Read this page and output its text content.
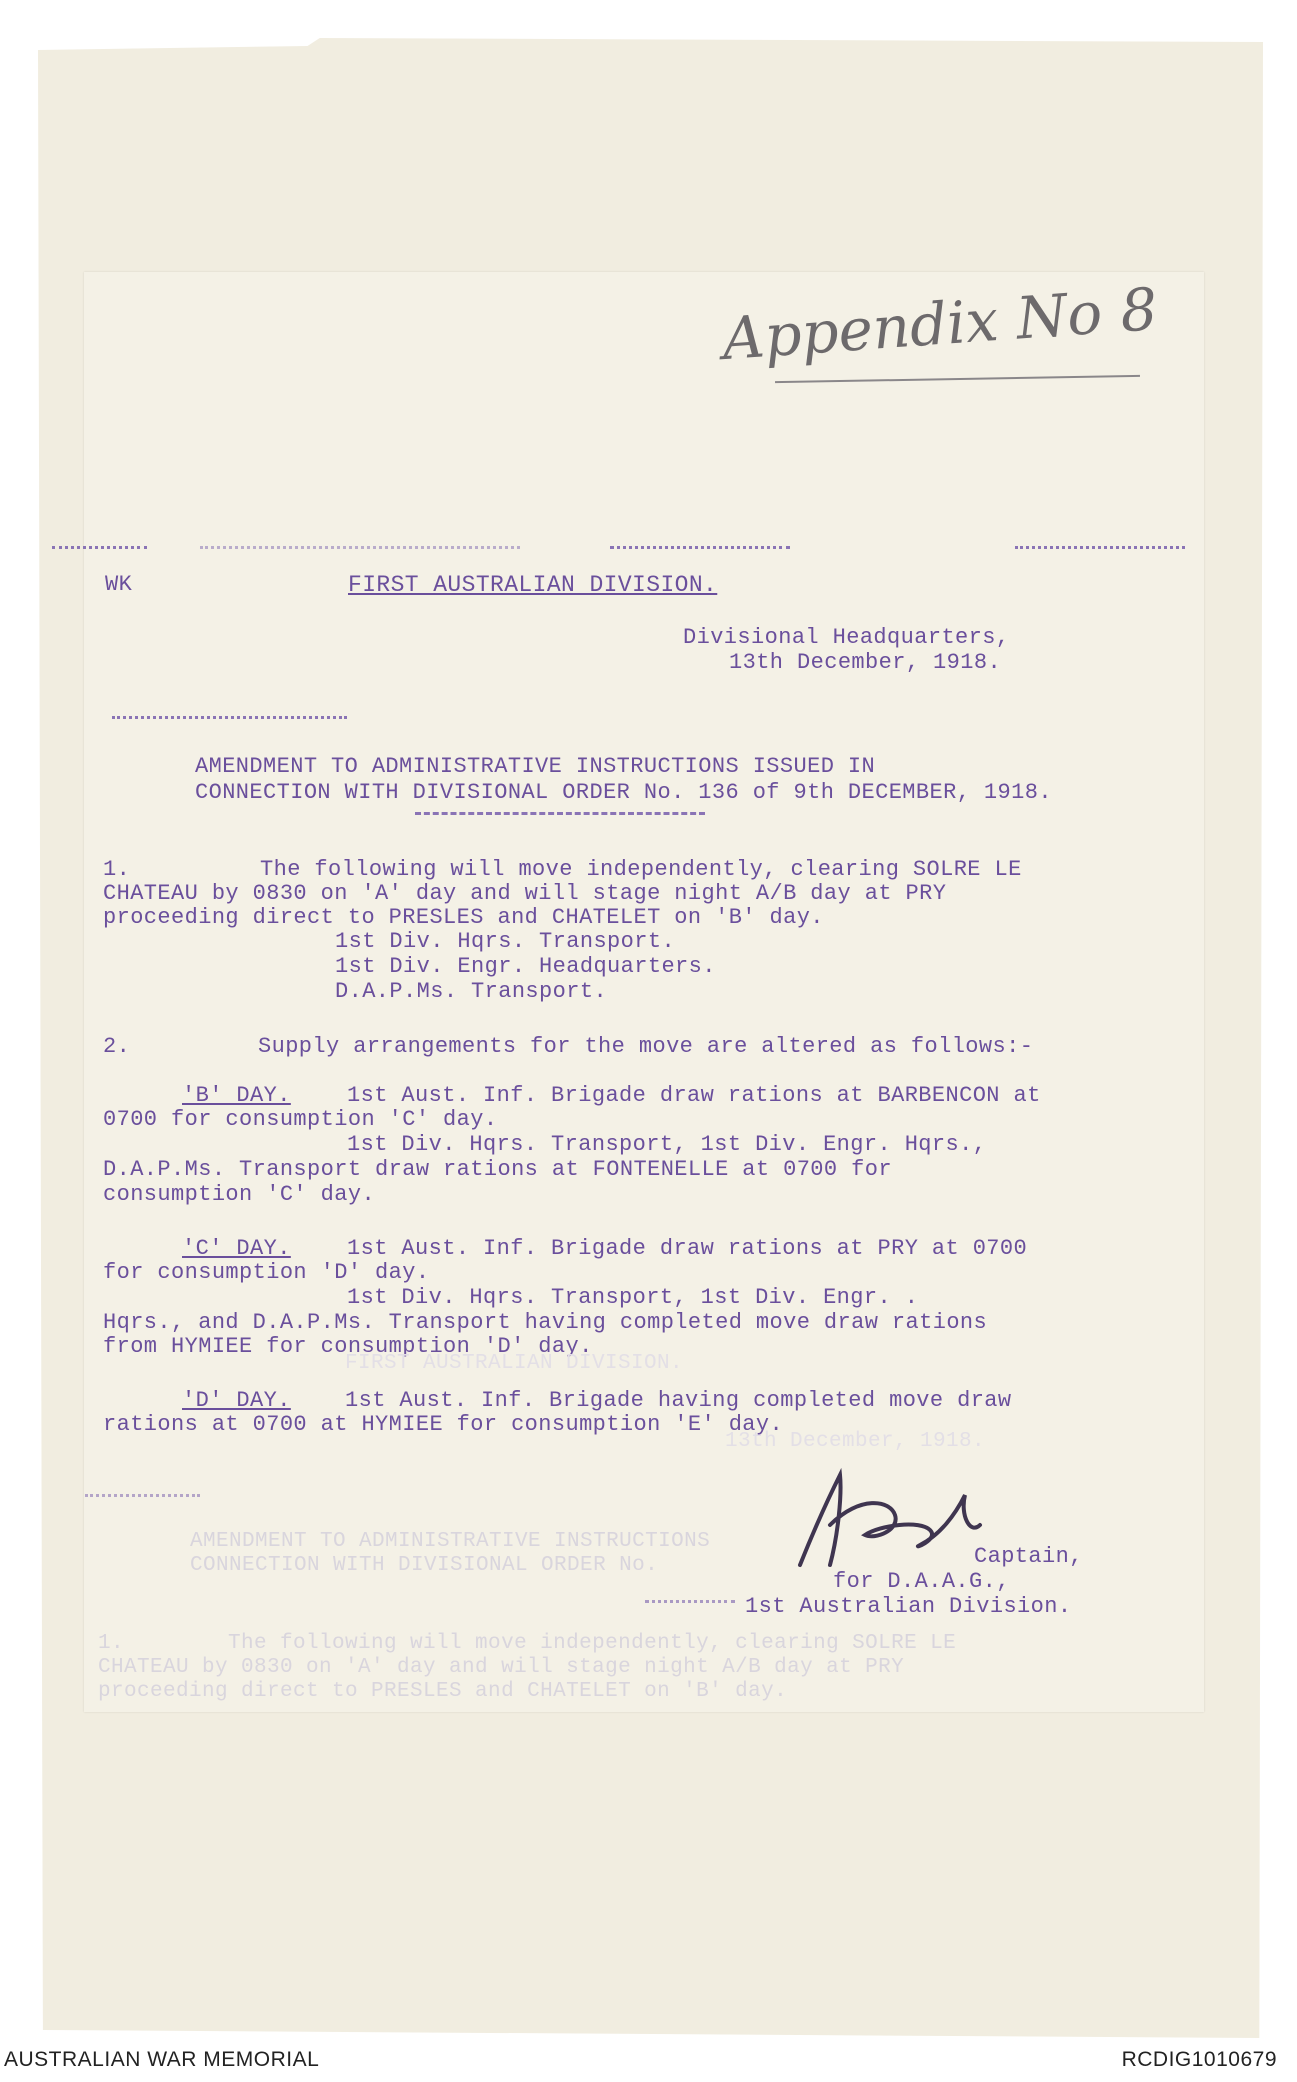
Appendix No 8
WK	FIRST AUSTRALIAN DIVISION.
Divisional Headquarters,
13th December, 1918.
AMENDMENT TO ADMINISTRATIVE INSTRUCTIONS ISSUED IN
CONNECTION WITH DIVISIONAL ORDER No. 136 of 9th DECEMBER, 1918.
1.	The following will move independently, clearing SOLRE LE
CHATEAU by 0830 on 'A' day and will stage night A/B day at PRY
proceeding direct to PRESLES and CHATELET on 'B' day.
1st Div. Hqrs. Transport.
1st Div. Engr. Headquarters.
D.A.P.Ms. Transport.
2.	Supply arrangements for the move are altered as follows:-
'B' DAY.	1st Aust. Inf. Brigade draw rations at BARBENCON at
0700 for consumption 'C' day.
1st Div. Hqrs. Transport, 1st Div. Engr. Hqrs.,
D.A.P.Ms. Transport draw rations at FONTENELLE at 0700 for
consumption 'C' day.
'C' DAY.	1st Aust. Inf. Brigade draw rations at PRY at 0700
for consumption 'D' day.
1st Div. Hqrs. Transport, 1st Div. Engr. .
Hqrs., and D.A.P.Ms. Transport having completed move draw rations
from HYMIEE for consumption 'D' day.
FIRST AUSTRALIAN DIVISION.
'D' DAY. 1st Aust. Inf. Brigade having completed move draw
rations at 0700 at HYMIEE for consumption 'E' day.
13th December, 1918.
AMENDMENT TO ADMINISTRATIVE INSTRUCTIONS
CONNECTION WITH DIVISIONAL ORDER No.	Captain,
for D.A.A.G.,
1st Australian Division.
1.        The following will move independently, clearing SOLRE LE
CHATEAU by 0830 on 'A' day and will stage night A/B day at PRY
proceeding direct to PRESLES and CHATELET on 'B' day.
AUSTRALIAN WAR MEMORIAL	RCDIG1010679
